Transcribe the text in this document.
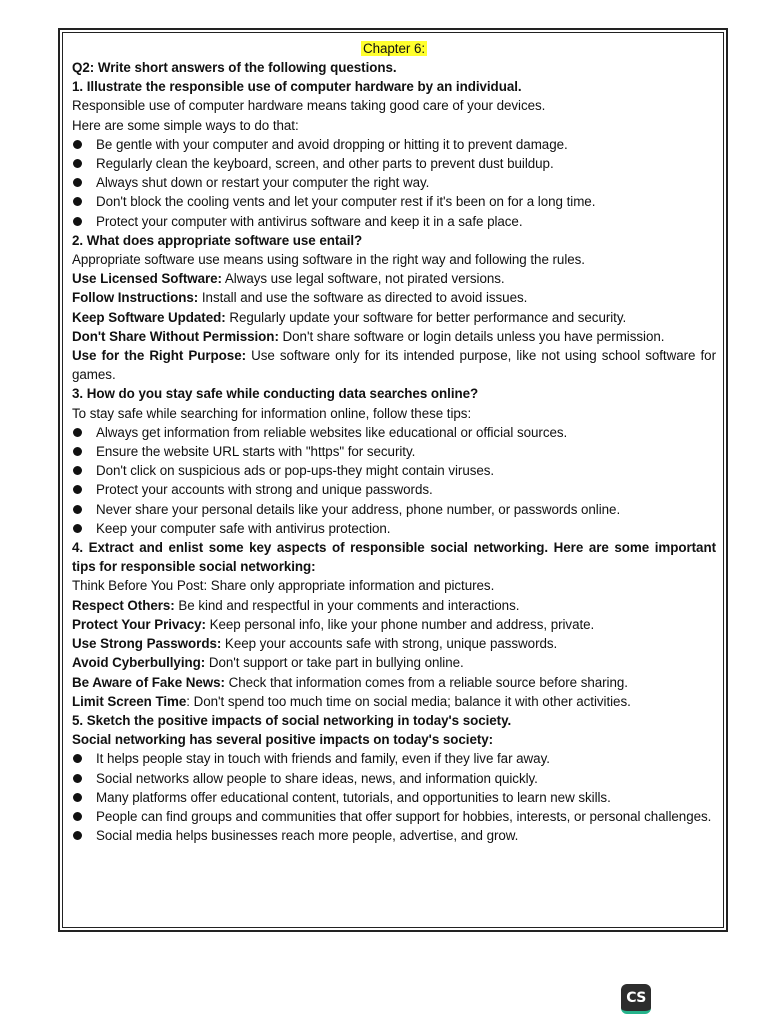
Chapter 6:

Q2: Write short answers of the following questions.

1. Illustrate the responsible use of computer hardware by an individual.

Responsible use of computer hardware means taking good care of your devices.

Here are some simple ways to do that:

Be gentle with your computer and avoid dropping or hitting it to prevent damage.
Regularly clean the keyboard, screen, and other parts to prevent dust buildup.
Always shut down or restart your computer the right way.
Don't block the cooling vents and let your computer rest if it's been on for a long time.
Protect your computer with antivirus software and keep it in a safe place.

2. What does appropriate software use entail?

Appropriate software use means using software in the right way and following the rules.

Use Licensed Software: Always use legal software, not pirated versions.

Follow Instructions: Install and use the software as directed to avoid issues.

Keep Software Updated: Regularly update your software for better performance and security.

Don't Share Without Permission: Don't share software or login details unless you have permission.

Use for the Right Purpose: Use software only for its intended purpose, like not using school software for games.

3. How do you stay safe while conducting data searches online?

To stay safe while searching for information online, follow these tips:

Always get information from reliable websites like educational or official sources.
Ensure the website URL starts with "https" for security.
Don't click on suspicious ads or pop-ups-they might contain viruses.
Protect your accounts with strong and unique passwords.
Never share your personal details like your address, phone number, or passwords online.
Keep your computer safe with antivirus protection.

4. Extract and enlist some key aspects of responsible social networking. Here are some important tips for responsible social networking:

Think Before You Post: Share only appropriate information and pictures.

Respect Others: Be kind and respectful in your comments and interactions.

Protect Your Privacy: Keep personal info, like your phone number and address, private.

Use Strong Passwords: Keep your accounts safe with strong, unique passwords.

Avoid Cyberbullying: Don't support or take part in bullying online.

Be Aware of Fake News: Check that information comes from a reliable source before sharing.

Limit Screen Time: Don't spend too much time on social media; balance it with other activities.

5. Sketch the positive impacts of social networking in today's society.

Social networking has several positive impacts on today's society:

It helps people stay in touch with friends and family, even if they live far away.
Social networks allow people to share ideas, news, and information quickly.
Many platforms offer educational content, tutorials, and opportunities to learn new skills.
People can find groups and communities that offer support for hobbies, interests, or personal challenges.
Social media helps businesses reach more people, advertise, and grow.
CS
